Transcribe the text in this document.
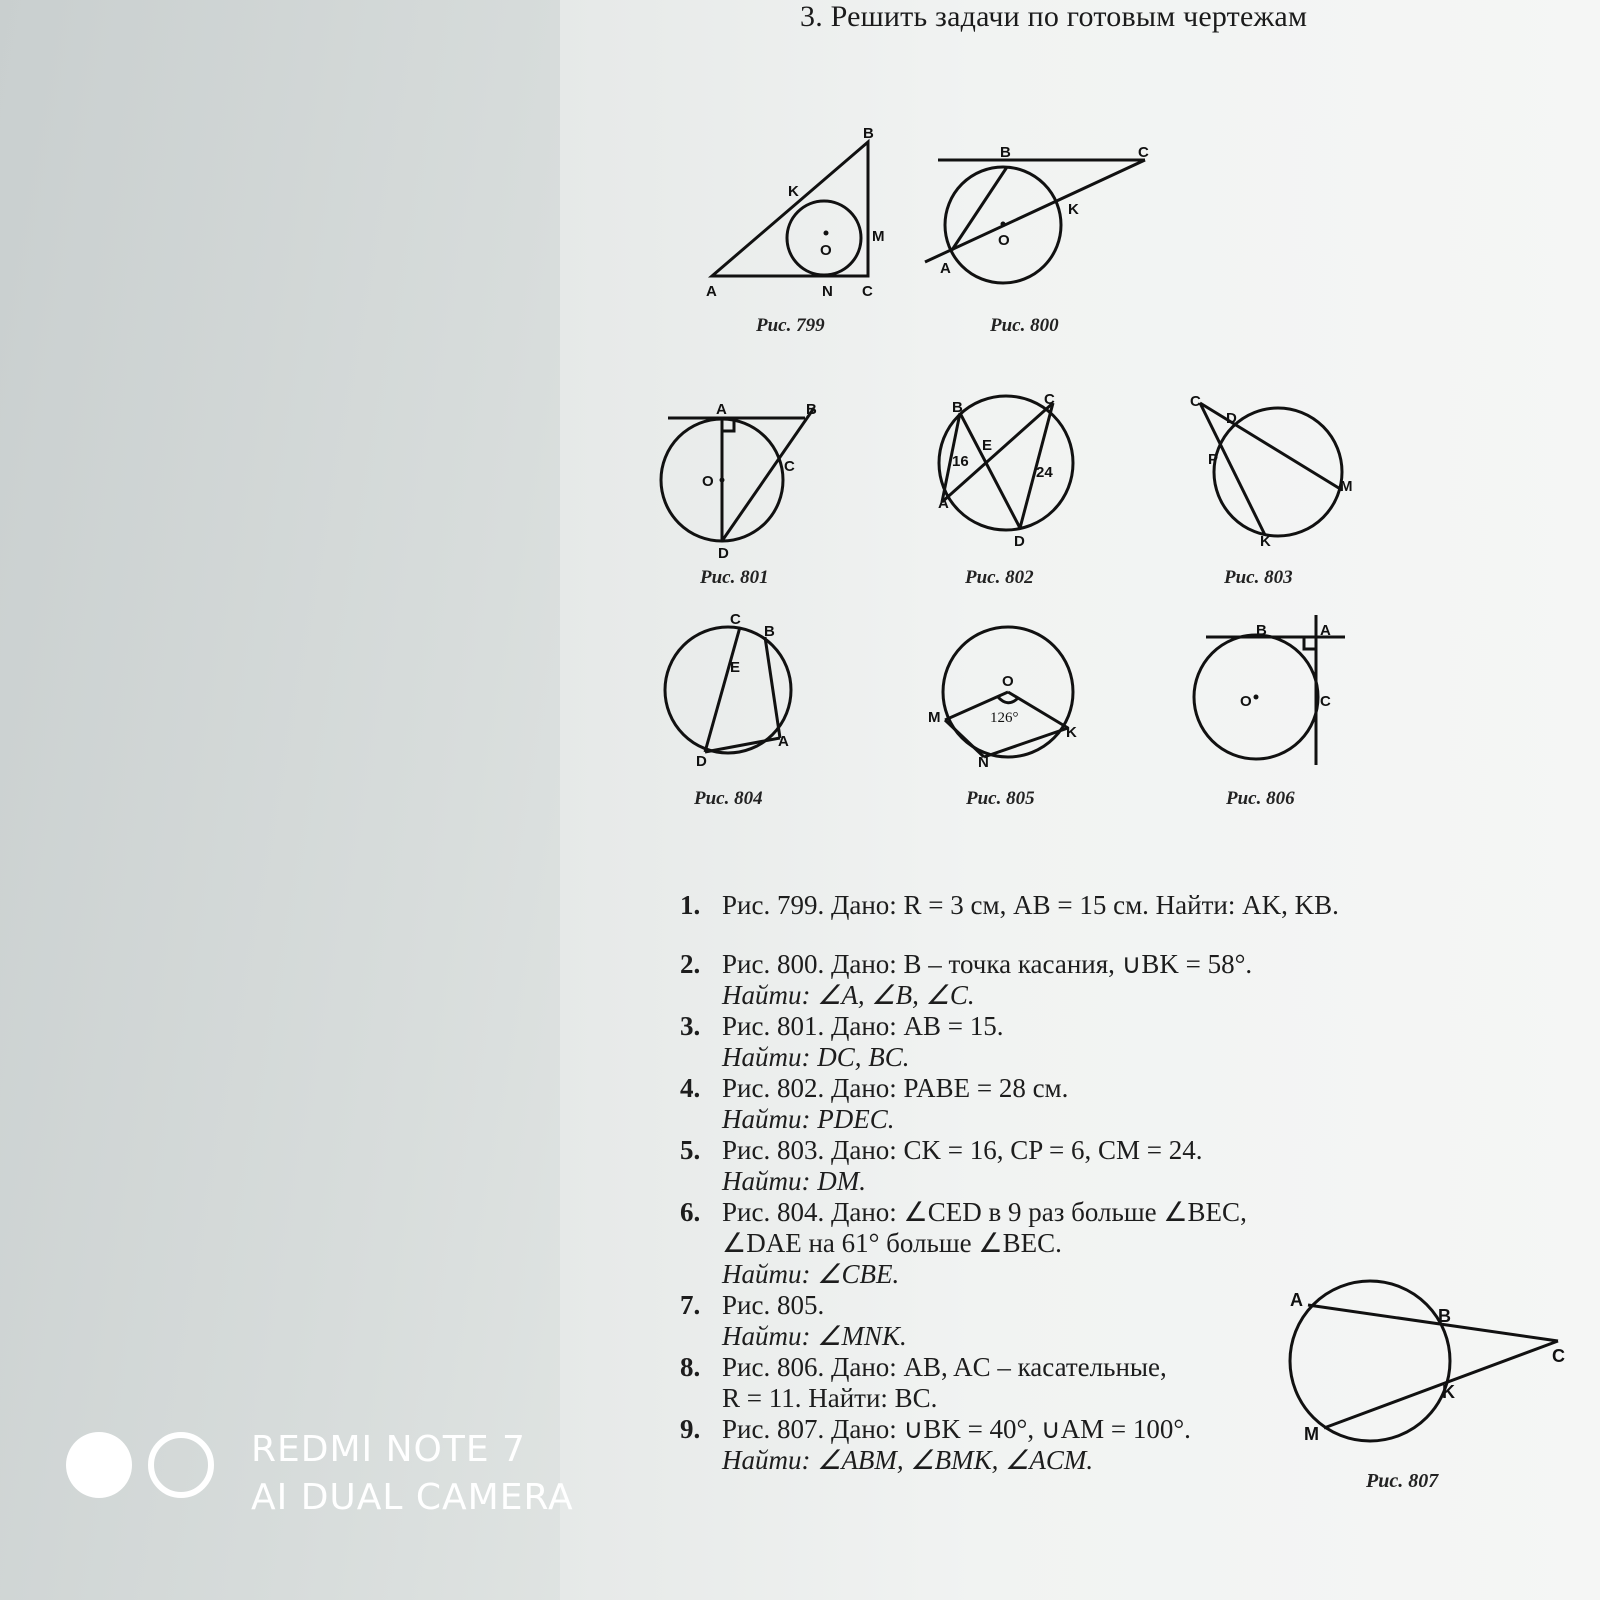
3. Решить задачи по готовым чертежам
B
K
M
O
A	N C
B	C
K
O
A
A	B
O
C
D
B	C
E
16
24
A
D
C
D
P
M
K
C
B
E
A
D
O
M	126°
K
N
B	A
O	C
A
B
C
K
M
Рис. 799	Рис. 800
Рис. 801	Рис. 802	Рис. 803
Рис. 804	Рис. 805	Рис. 806
Рис. 807
1. Рис. 799. Дано: R = 3 см, AB = 15 см. Найти: AK, KB.
2. Рис. 800. Дано: B – точка касания, ∪BK = 58°.
Найти: ∠A, ∠B, ∠C.
3. Рис. 801. Дано: AB = 15.
Найти: DC, BC.
4. Рис. 802. Дано: PABE = 28 см.
Найти: PDEC.
5. Рис. 803. Дано: CK = 16, CP = 6, CM = 24.
Найти: DM.
6. Рис. 804. Дано: ∠CED в 9 раз больше ∠BEC,
∠DAE на 61° больше ∠BEC.
Найти: ∠CBE.
7. Рис. 805.
Найти: ∠MNK.
8. Рис. 806. Дано: AB, AC – касательные,
R = 11. Найти: BC.
9. Рис. 807. Дано: ∪BK = 40°, ∪AM = 100°.
Найти: ∠ABM, ∠BMK, ∠ACM.
REDMI NOTE 7
AI DUAL CAMERA
